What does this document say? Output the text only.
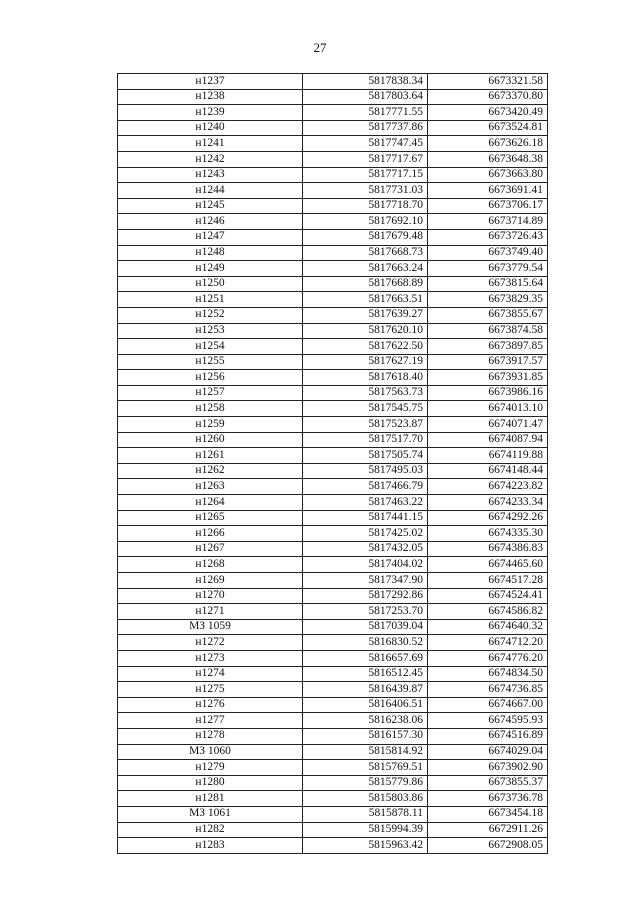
27
н1237	5817838.34	6673321.58
н1238	5817803.64	6673370.80
н1239	5817771.55	6673420.49
н1240	5817737.86	6673524.81
н1241	5817747.45	6673626.18
н1242	5817717.67	6673648.38
н1243	5817717.15	6673663.80
н1244	5817731.03	6673691.41
н1245	5817718.70	6673706.17
н1246	5817692.10	6673714.89
н1247	5817679.48	6673726.43
н1248	5817668.73	6673749.40
н1249	5817663.24	6673779.54
н1250	5817668.89	6673815.64
н1251	5817663.51	6673829.35
н1252	5817639.27	6673855.67
н1253	5817620.10	6673874.58
н1254	5817622.50	6673897.85
н1255	5817627.19	6673917.57
н1256	5817618.40	6673931.85
н1257	5817563.73	6673986.16
н1258	5817545.75	6674013.10
н1259	5817523.87	6674071.47
н1260	5817517.70	6674087.94
н1261	5817505.74	6674119.88
н1262	5817495.03	6674148.44
н1263	5817466.79	6674223.82
н1264	5817463.22	6674233.34
н1265	5817441.15	6674292.26
н1266	5817425.02	6674335.30
н1267	5817432.05	6674386.83
н1268	5817404.02	6674465.60
н1269	5817347.90	6674517.28
н1270	5817292.86	6674524.41
н1271	5817253.70	6674586.82
МЗ 1059	5817039.04	6674640.32
н1272	5816830.52	6674712.20
н1273	5816657.69	6674776.20
н1274	5816512.45	6674834.50
н1275	5816439.87	6674736.85
н1276	5816406.51	6674667.00
н1277	5816238.06	6674595.93
н1278	5816157.30	6674516.89
МЗ 1060	5815814.92	6674029.04
н1279	5815769.51	6673902.90
н1280	5815779.86	6673855.37
н1281	5815803.86	6673736.78
МЗ 1061	5815878.11	6673454.18
н1282	5815994.39	6672911.26
н1283	5815963.42	6672908.05
